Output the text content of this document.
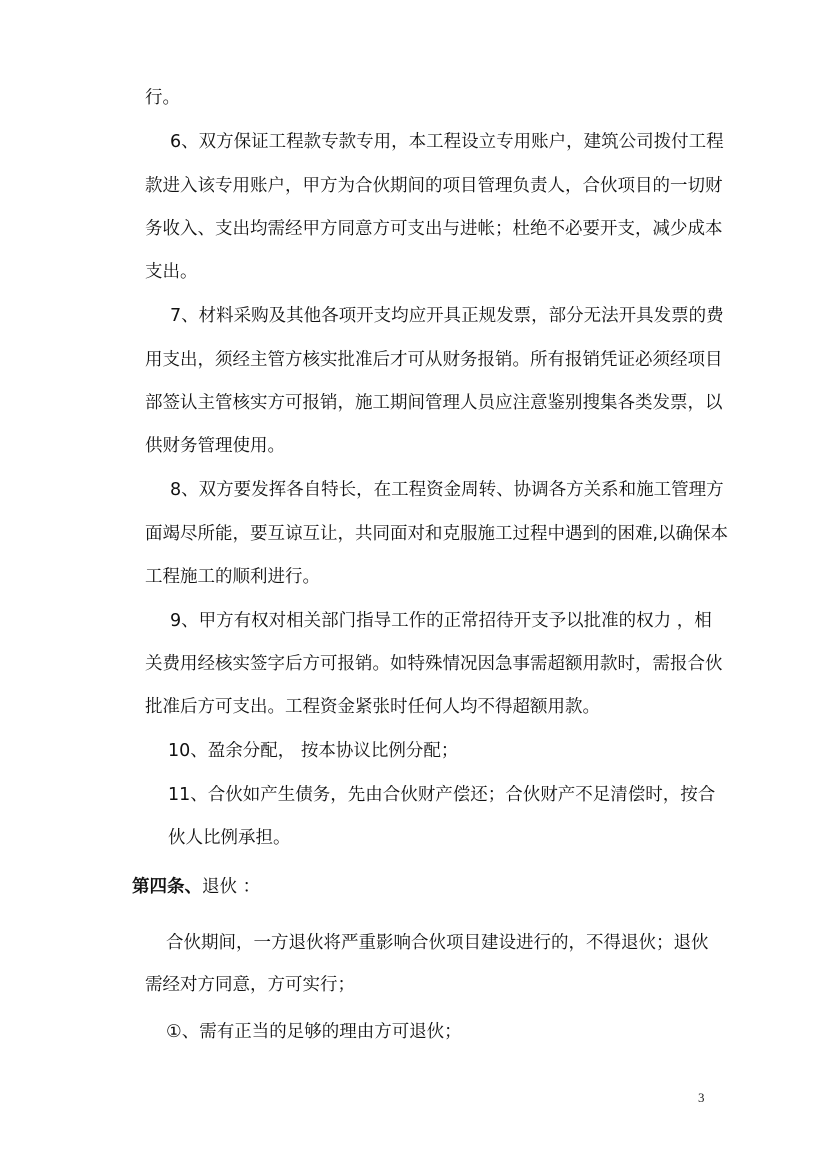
行。
6、双方保证工程款专款专用，本工程设立专用账户，建筑公司拨付工程
款进入该专用账户，甲方为合伙期间的项目管理负责人，合伙项目的一切财
务收入、支出均需经甲方同意方可支出与进帐；杜绝不必要开支，减少成本
支出。
7、材料采购及其他各项开支均应开具正规发票，部分无法开具发票的费
用支出，须经主管方核实批准后才可从财务报销。所有报销凭证必须经项目
部签认主管核实方可报销，施工期间管理人员应注意鉴别搜集各类发票，以
供财务管理使用。
8、双方要发挥各自特长，在工程资金周转、协调各方关系和施工管理方
面竭尽所能，要互谅互让，共同面对和克服施工过程中遇到的困难,以确保本
工程施工的顺利进行。
9、甲方有权对相关部门指导工作的正常招待开支予以批准的权力 ，相
关费用经核实签字后方可报销。如特殊情况因急事需超额用款时，需报合伙
批准后方可支出。工程资金紧张时任何人均不得超额用款。
10、盈余分配， 按本协议比例分配；
11、合伙如产生债务，先由合伙财产偿还；合伙财产不足清偿时，按合
伙人比例承担。
第四条、退伙 ：
合伙期间，一方退伙将严重影响合伙项目建设进行的，不得退伙；退伙
需经对方同意，方可实行；
①、需有正当的足够的理由方可退伙；
3
